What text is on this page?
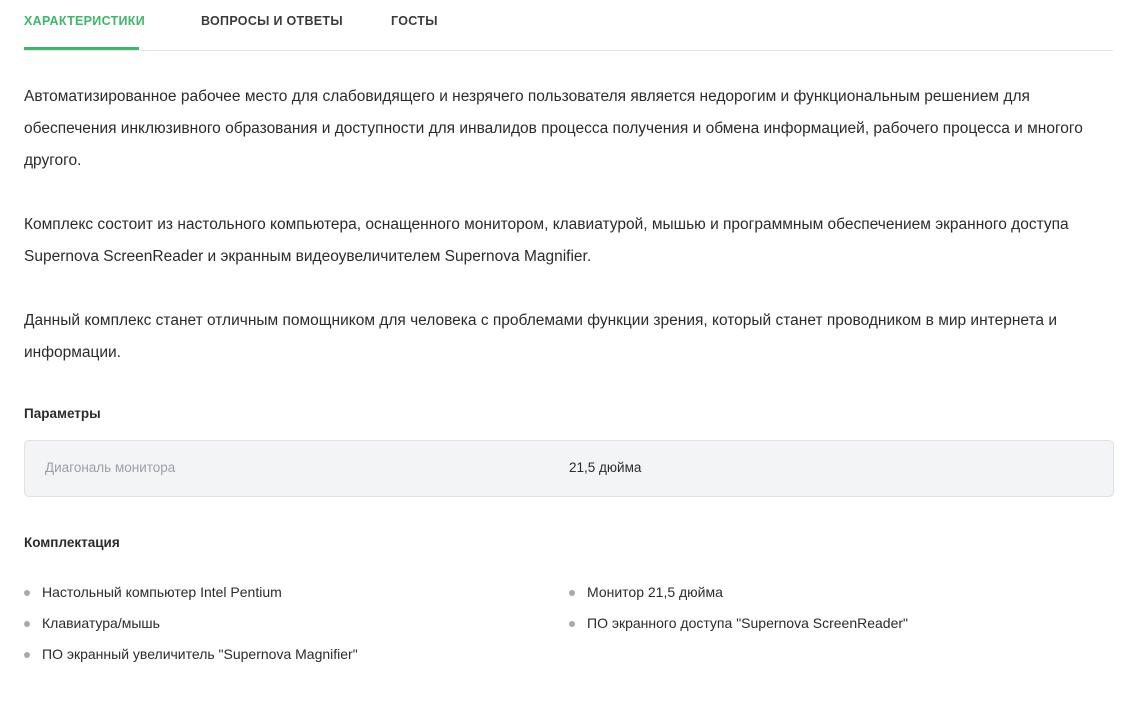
ХАРАКТЕРИСТИКИ	ВОПРОСЫ И ОТВЕТЫ	ГОСТЫ

Автоматизированное рабочее место для слабовидящего и незрячего пользователя является недорогим и функциональным решением для обеспечения инклюзивного образования и доступности для инвалидов процесса получения и обмена информацией, рабочего процесса и многого другого.

Комплекс состоит из настольного компьютера, оснащенного монитором, клавиатурой, мышью и программным обеспечением экранного доступа Supernova ScreenReader и экранным видеоувеличителем Supernova Magnifier.

Данный комплекс станет отличным помощником для человека с проблемами функции зрения, который станет проводником в мир интернета и информации.

Параметры
Диагональ монитора	21,5 дюйма
Комплектация
Настольный компьютер Intel Pentium
Клавиатура/мышь
ПО экранный увеличитель "Supernova Magnifier"
Монитор 21,5 дюйма
ПО экранного доступа "Supernova ScreenReader"
